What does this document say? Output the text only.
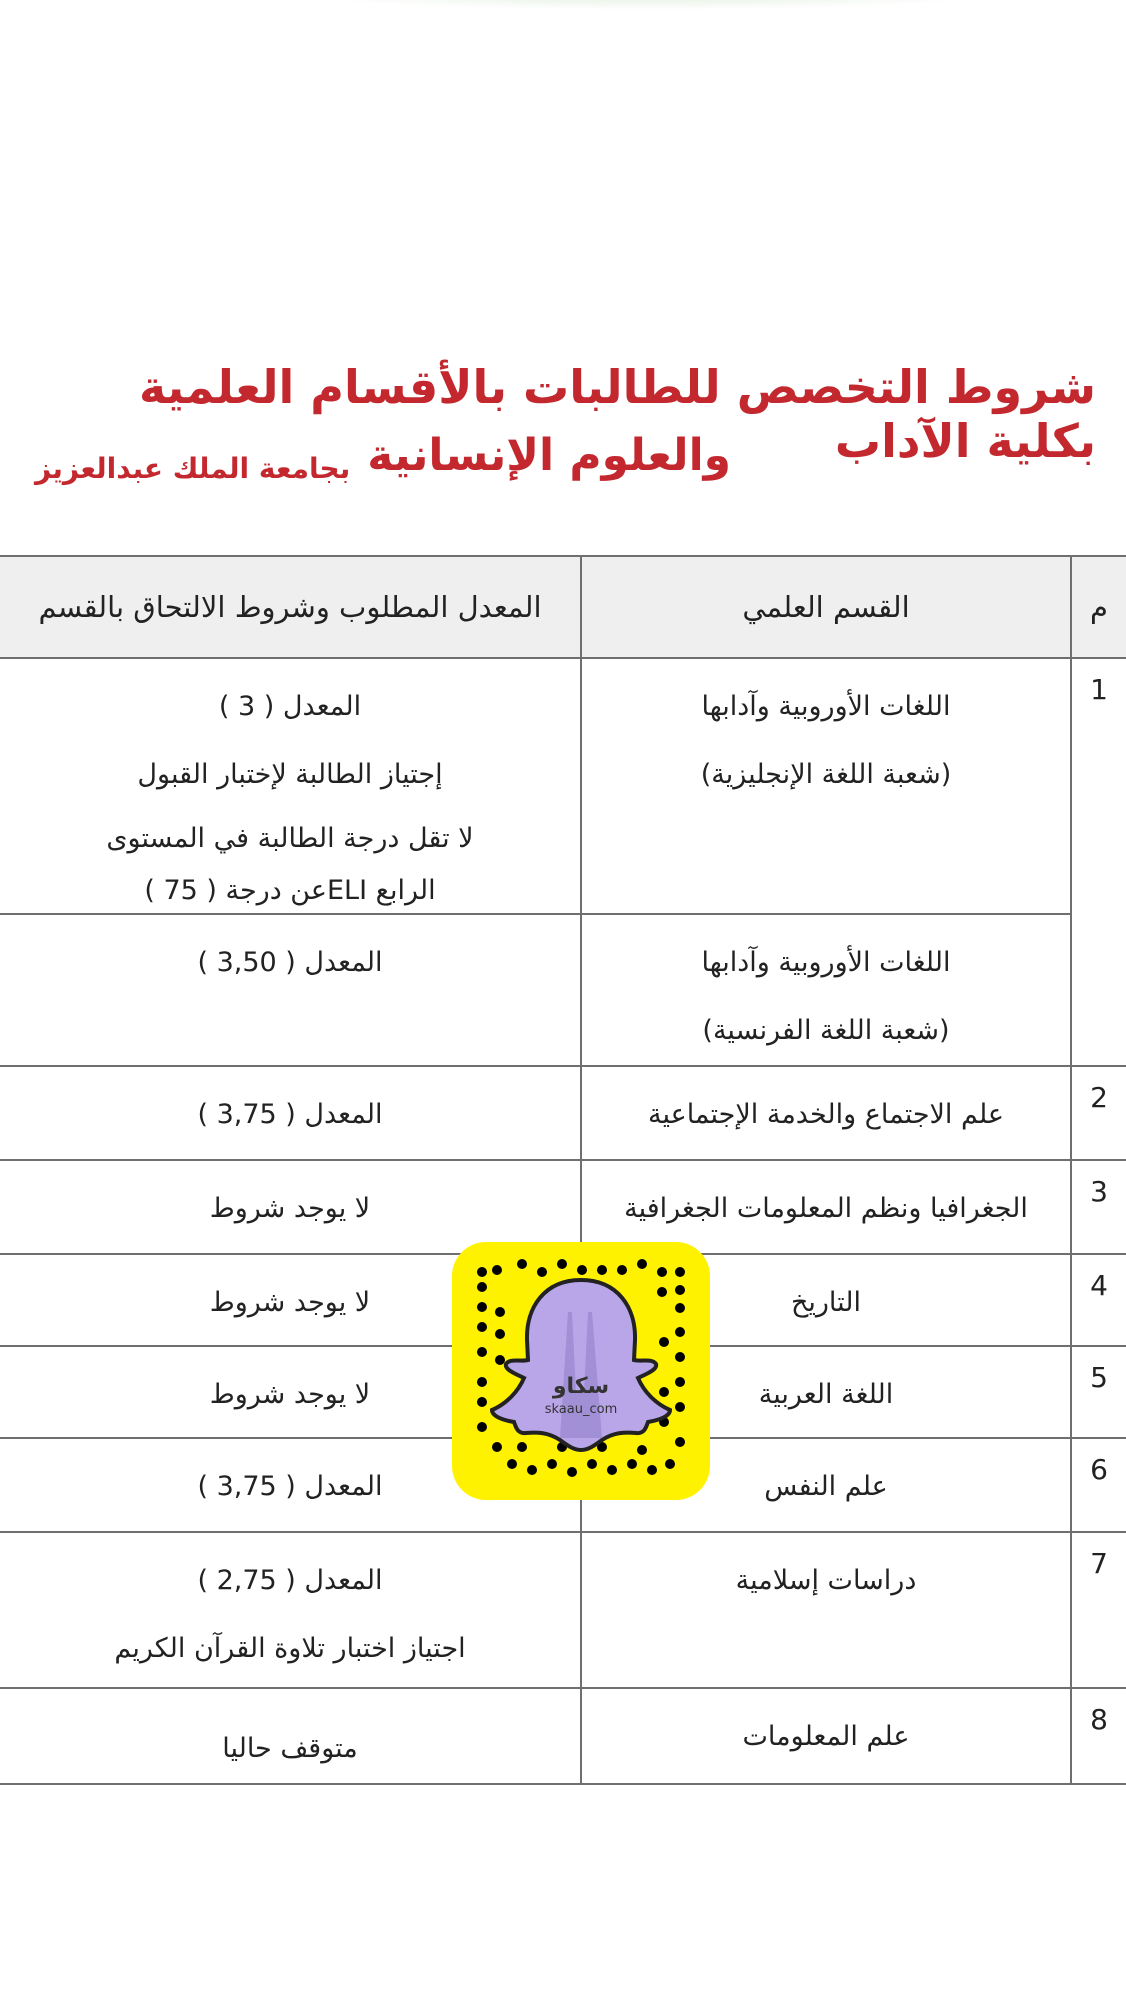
شروط التخصص للطالبات بالأقسام العلمية بكلية الآداب
والعلوم الإنسانية
بجامعة الملك عبدالعزيز
م	القسم العلمي	المعدل المطلوب وشروط الالتحاق بالقسم
1	اللغات الأوروبية وآدابها
(شعبة اللغة الإنجليزية)	المعدل ( 3 )
إجتياز الطالبة لإختبار القبول
لا تقل درجة الطالبة في المستوى
الرابع ELIعن درجة ( 75 )

	اللغات الأوروبية وآدابها
(شعبة اللغة الفرنسية)	المعدل ( 3,50 )

2	علم الاجتماع والخدمة الإجتماعية	المعدل ( 3,75 )

3	الجغرافيا ونظم المعلومات الجغرافية	لا يوجد شروط

4	التاريخ	لا يوجد شروط

5	اللغة العربية	لا يوجد شروط

6	علم النفس	المعدل ( 3,75 )

7	دراسات إسلامية	المعدل ( 2,75 )
اجتياز اختبار تلاوة القرآن الكريم

8	علم المعلومات	متوقف حاليا
سكاو
skaau_com
